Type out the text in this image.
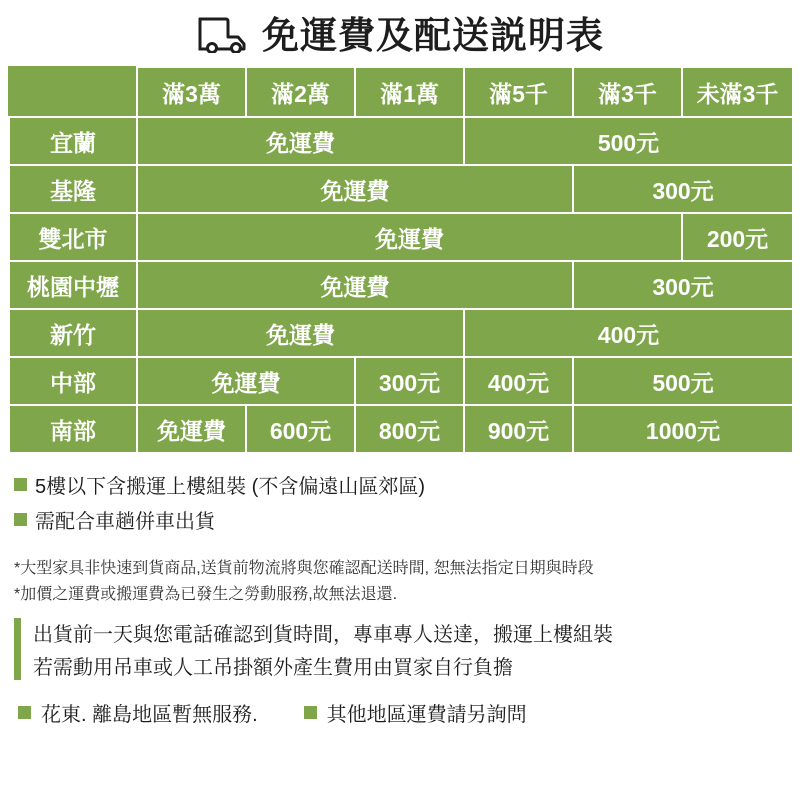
免運費及配送説明表
	滿3萬	滿2萬	滿1萬	滿5千	滿3千	未滿3千
宜蘭	免運費			500元		
基隆	免運費				300元	
雙北市	免運費					200元
桃園中壢	免運費				300元	
新竹	免運費			400元		
中部	免運費		300元	400元	500元	
南部	免運費	600元	800元	900元	1000元	
5樓以下含搬運上樓組裝 (不含偏遠山區郊區)
需配合車趟併車出貨

*大型家具非快速到貨商品,送貨前物流將與您確認配送時間, 恕無法指定日期與時段

*加價之運費或搬運費為已發生之勞動服務,故無法退還.

出貨前一天與您電話確認到貨時間，專車專人送達，搬運上樓組裝

若需動用吊車或人工吊掛額外產生費用由買家自行負擔

花東. 離島地區暫無服務.	其他地區運費請另詢問
